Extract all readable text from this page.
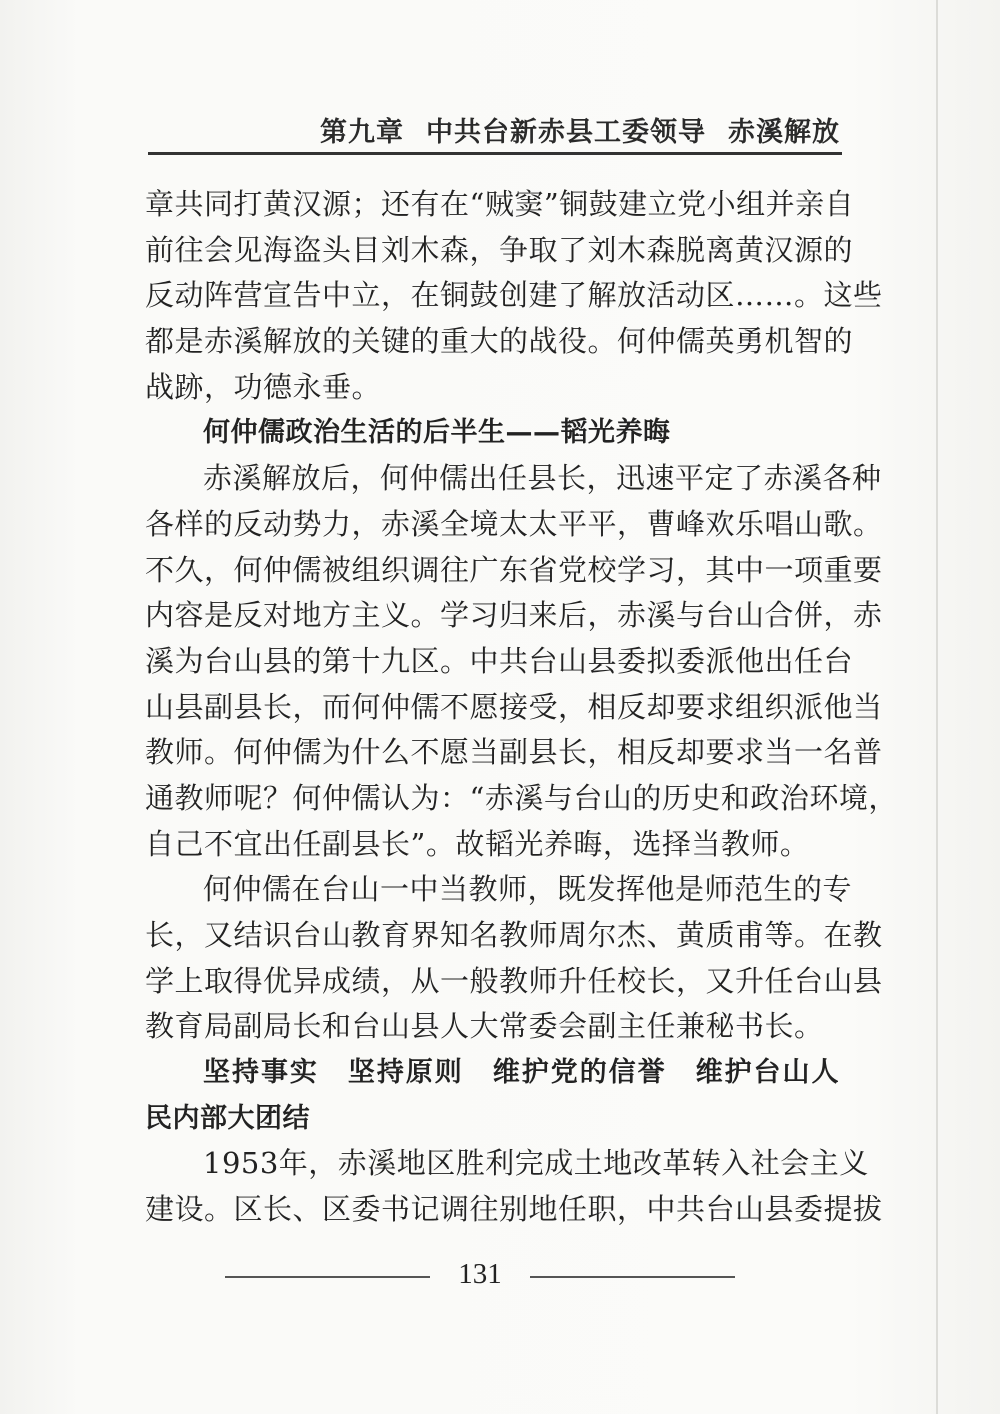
第九章 中共台新赤县工委领导 赤溪解放
章共同打黄汉源；还有在“贼窦”铜鼓建立党小组并亲自
前往会见海盗头目刘木森，争取了刘木森脱离黄汉源的
反动阵营宣告中立，在铜鼓创建了解放活动区……。这些
都是赤溪解放的关键的重大的战役。何仲儒英勇机智的
战跡，功德永垂。
何仲儒政治生活的后半生——韬光养晦
赤溪解放后，何仲儒出任县长，迅速平定了赤溪各种
各样的反动势力，赤溪全境太太平平，曹峰欢乐唱山歌。
不久，何仲儒被组织调往广东省党校学习，其中一项重要
内容是反对地方主义。学习归来后，赤溪与台山合併，赤
溪为台山县的第十九区。中共台山县委拟委派他出任台
山县副县长，而何仲儒不愿接受，相反却要求组织派他当
教师。何仲儒为什么不愿当副县长，相反却要求当一名普
通教师呢？何仲儒认为：“赤溪与台山的历史和政治环境，
自己不宜出任副县长”。故韬光养晦，选择当教师。
何仲儒在台山一中当教师，既发挥他是师范生的专
长，又结识台山教育界知名教师周尔杰、黄质甫等。在教
学上取得优异成绩，从一般教师升任校长，又升任台山县
教育局副局长和台山县人大常委会副主任兼秘书长。
坚持事实　坚持原则　维护党的信誉　维护台山人
民内部大团结
1953年，赤溪地区胜利完成土地改革转入社会主义
建设。区长、区委书记调往别地任职，中共台山县委提拔
131
